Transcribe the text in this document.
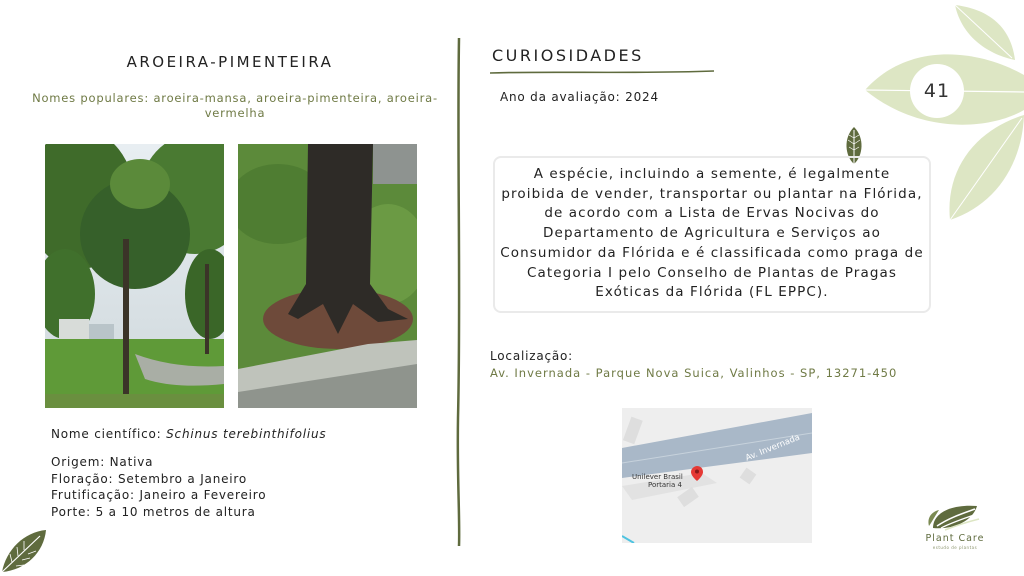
AROEIRA-PIMENTEIRA
Nomes populares: aroeira-mansa, aroeira-pimenteira, aroeira-vermelha
Nome científico: Schinus terebinthifolius
Origem: Nativa
Floração: Setembro a Janeiro
Frutificação: Janeiro a Fevereiro
Porte: 5 a 10 metros de altura
CURIOSIDADES
Ano da avaliação: 2024
A espécie, incluindo a semente, é legalmente proibida de vender, transportar ou plantar na Flórida, de acordo com a Lista de Ervas Nocivas do Departamento de Agricultura e Serviços ao Consumidor da Flórida e é classificada como praga de Categoria I pelo Conselho de Plantas de Pragas Exóticas da Flórida (FL EPPC).
Localização:
Av. Invernada - Parque Nova Suica, Valinhos - SP, 13271-450
Av. Invernada
Unilever Brasil
Portaria 4
41
Plant Care
estudo de plantas
